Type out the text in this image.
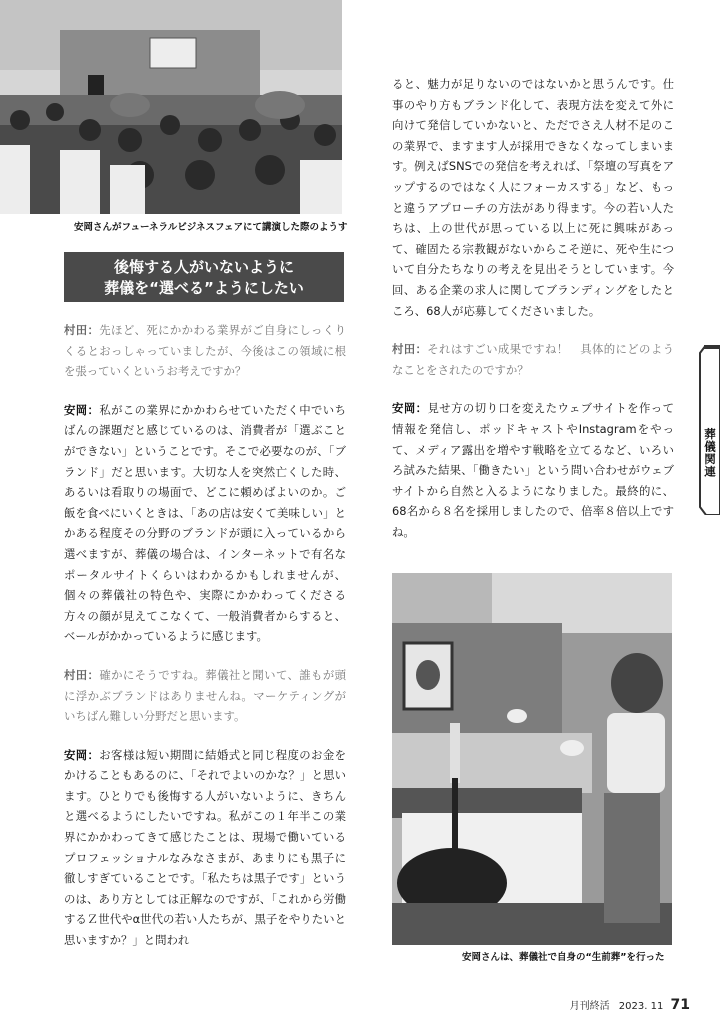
安岡さんがフューネラルビジネスフェアにて講演した際のようす
後悔する人がいないように
葬儀を“選べる”ようにしたい

村田：先ほど、死にかかわる業界がご自身にしっくりくるとおっしゃっていましたが、今後はこの領域に根を張っていくというお考えですか？

安岡：私がこの業界にかかわらせていただく中でいちばんの課題だと感じているのは、消費者が「選ぶことができない」ということです。そこで必要なのが、「ブランド」だと思います。大切な人を突然亡くした時、あるいは看取りの場面で、どこに頼めばよいのか。ご飯を食べにいくときは、「あの店は安くて美味しい」とかある程度その分野のブランドが頭に入っているから選べますが、葬儀の場合は、インターネットで有名なポータルサイトくらいはわかるかもしれませんが、個々の葬儀社の特色や、実際にかかわってくださる方々の顔が見えてこなくて、一般消費者からすると、ベールがかかっているように感じます。

村田：確かにそうですね。葬儀社と聞いて、誰もが頭に浮かぶブランドはありませんね。マーケティングがいちばん難しい分野だと思います。

安岡：お客様は短い期間に結婚式と同じ程度のお金をかけることもあるのに、「それでよいのかな？」と思います。ひとりでも後悔する人がいないように、きちんと選べるようにしたいですね。私がこの１年半この業界にかかわってきて感じたことは、現場で働いているプロフェッショナルなみなさまが、あまりにも黒子に徹しすぎていることです。「私たちは黒子です」というのは、あり方としては正解なのですが、「これから労働するＺ世代やα世代の若い人たちが、黒子をやりたいと思いますか？」と問われ

ると、魅力が足りないのではないかと思うんです。仕事のやり方もブランド化して、表現方法を変えて外に向けて発信していかないと、ただでさえ人材不足のこの業界で、ますます人が採用できなくなってしまいます。例えばSNSでの発信を考えれば、「祭壇の写真をアップするのではなく人にフォーカスする」など、もっと違うアプローチの方法があり得ます。今の若い人たちは、上の世代が思っている以上に死に興味があって、確固たる宗教観がないからこそ逆に、死や生について自分たちなりの考えを見出そうとしています。今回、ある企業の求人に関してブランディングをしたところ、68人が応募してくださいました。

村田：それはすごい成果ですね！　具体的にどのようなことをされたのですか？

安岡：見せ方の切り口を変えたウェブサイトを作って情報を発信し、ポッドキャストやInstagramをやって、メディア露出を増やす戦略を立てるなど、いろいろ試みた結果、「働きたい」という問い合わせがウェブサイトから自然と入るようになりました。最終的に、68名から８名を採用しましたので、倍率８倍以上ですね。

葬儀関連
安岡さんは、葬儀社で自身の“生前葬”を行った
月刊終活 2023. 11 71
